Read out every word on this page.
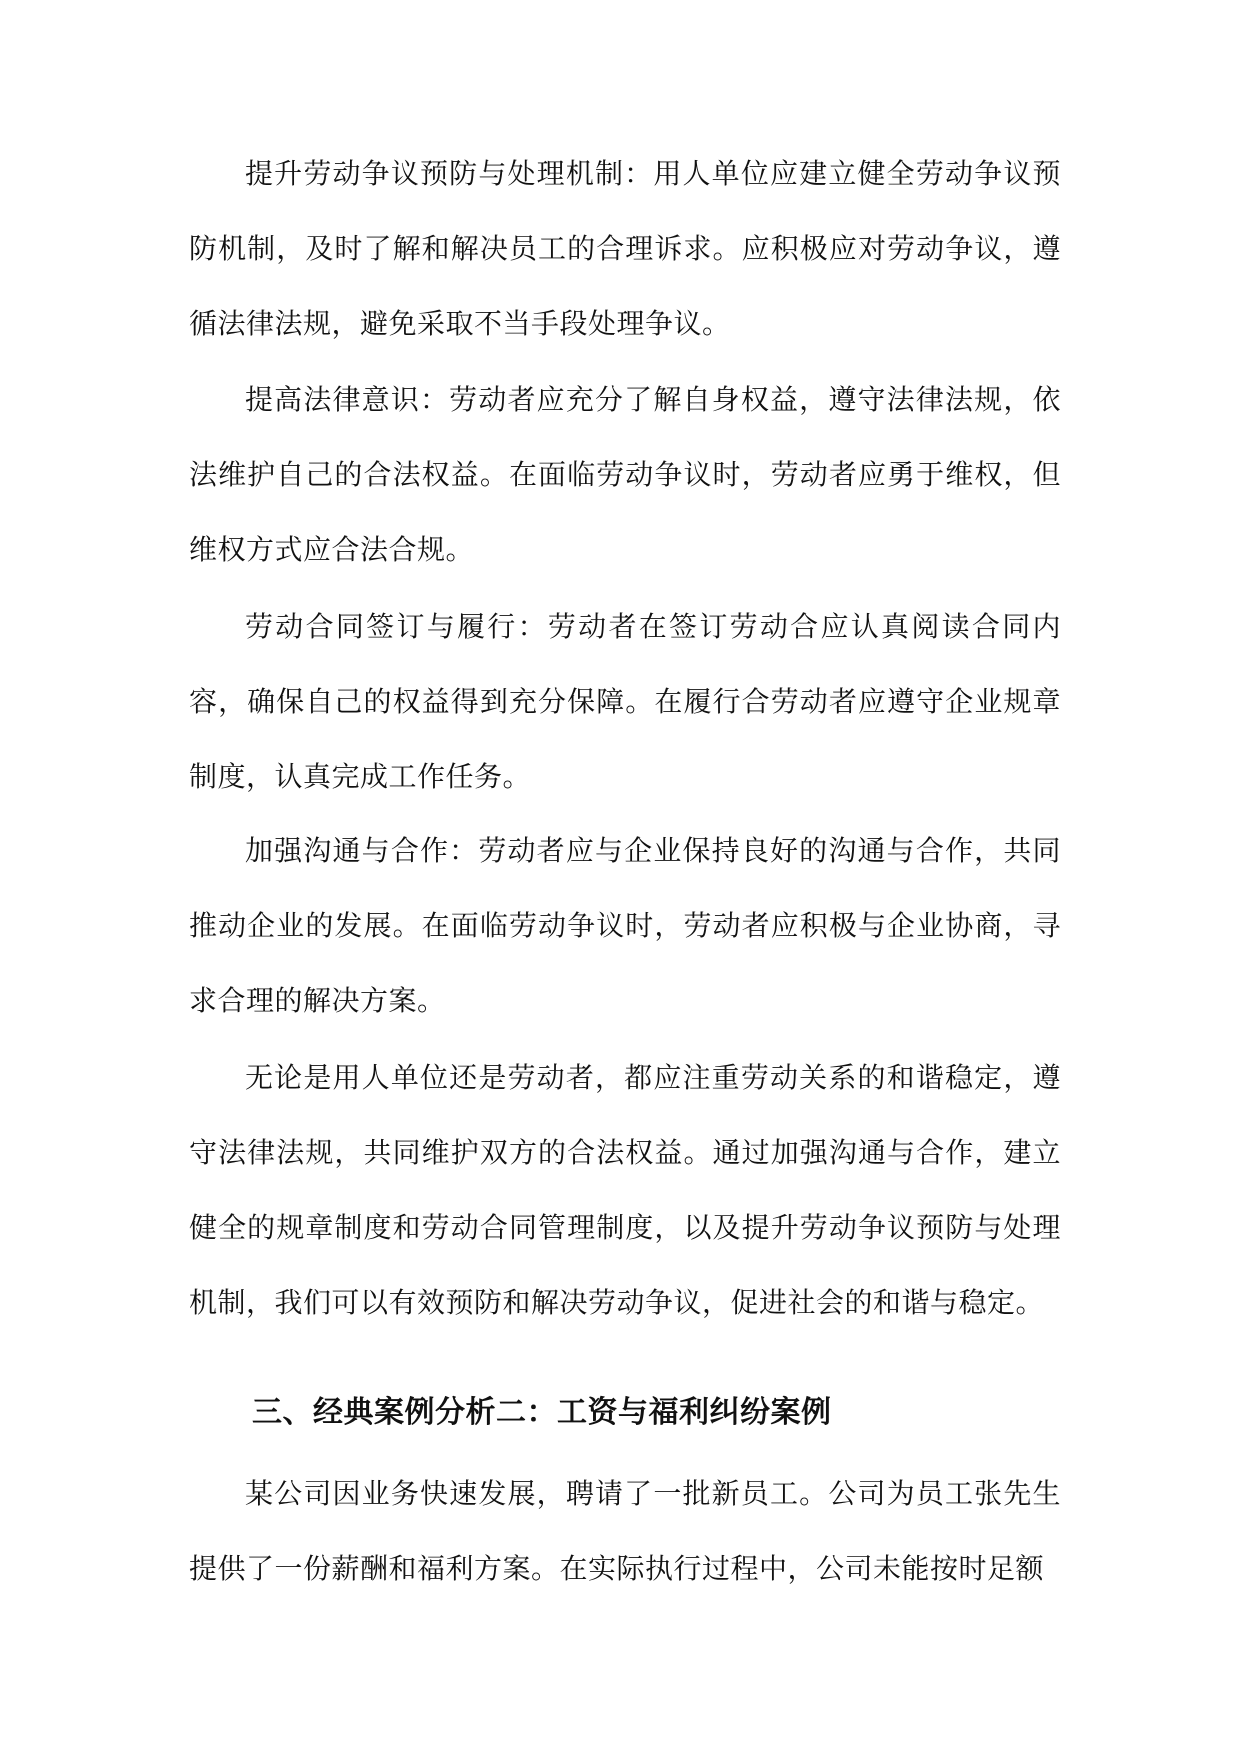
提升劳动争议预防与处理机制：用人单位应建立健全劳动争议预防机制，及时了解和解决员工的合理诉求。应积极应对劳动争议，遵循法律法规，避免采取不当手段处理争议。

提高法律意识：劳动者应充分了解自身权益，遵守法律法规，依法维护自己的合法权益。在面临劳动争议时，劳动者应勇于维权，但维权方式应合法合规。

劳动合同签订与履行：劳动者在签订劳动合应认真阅读合同内容，确保自己的权益得到充分保障。在履行合劳动者应遵守企业规章制度，认真完成工作任务。

加强沟通与合作：劳动者应与企业保持良好的沟通与合作，共同推动企业的发展。在面临劳动争议时，劳动者应积极与企业协商，寻求合理的解决方案。

无论是用人单位还是劳动者，都应注重劳动关系的和谐稳定，遵守法律法规，共同维护双方的合法权益。通过加强沟通与合作，建立健全的规章制度和劳动合同管理制度，以及提升劳动争议预防与处理机制，我们可以有效预防和解决劳动争议，促进社会的和谐与稳定。

三、经典案例分析二：工资与福利纠纷案例

某公司因业务快速发展，聘请了一批新员工。公司为员工张先生提供了一份薪酬和福利方案。在实际执行过程中，公司未能按时足额
